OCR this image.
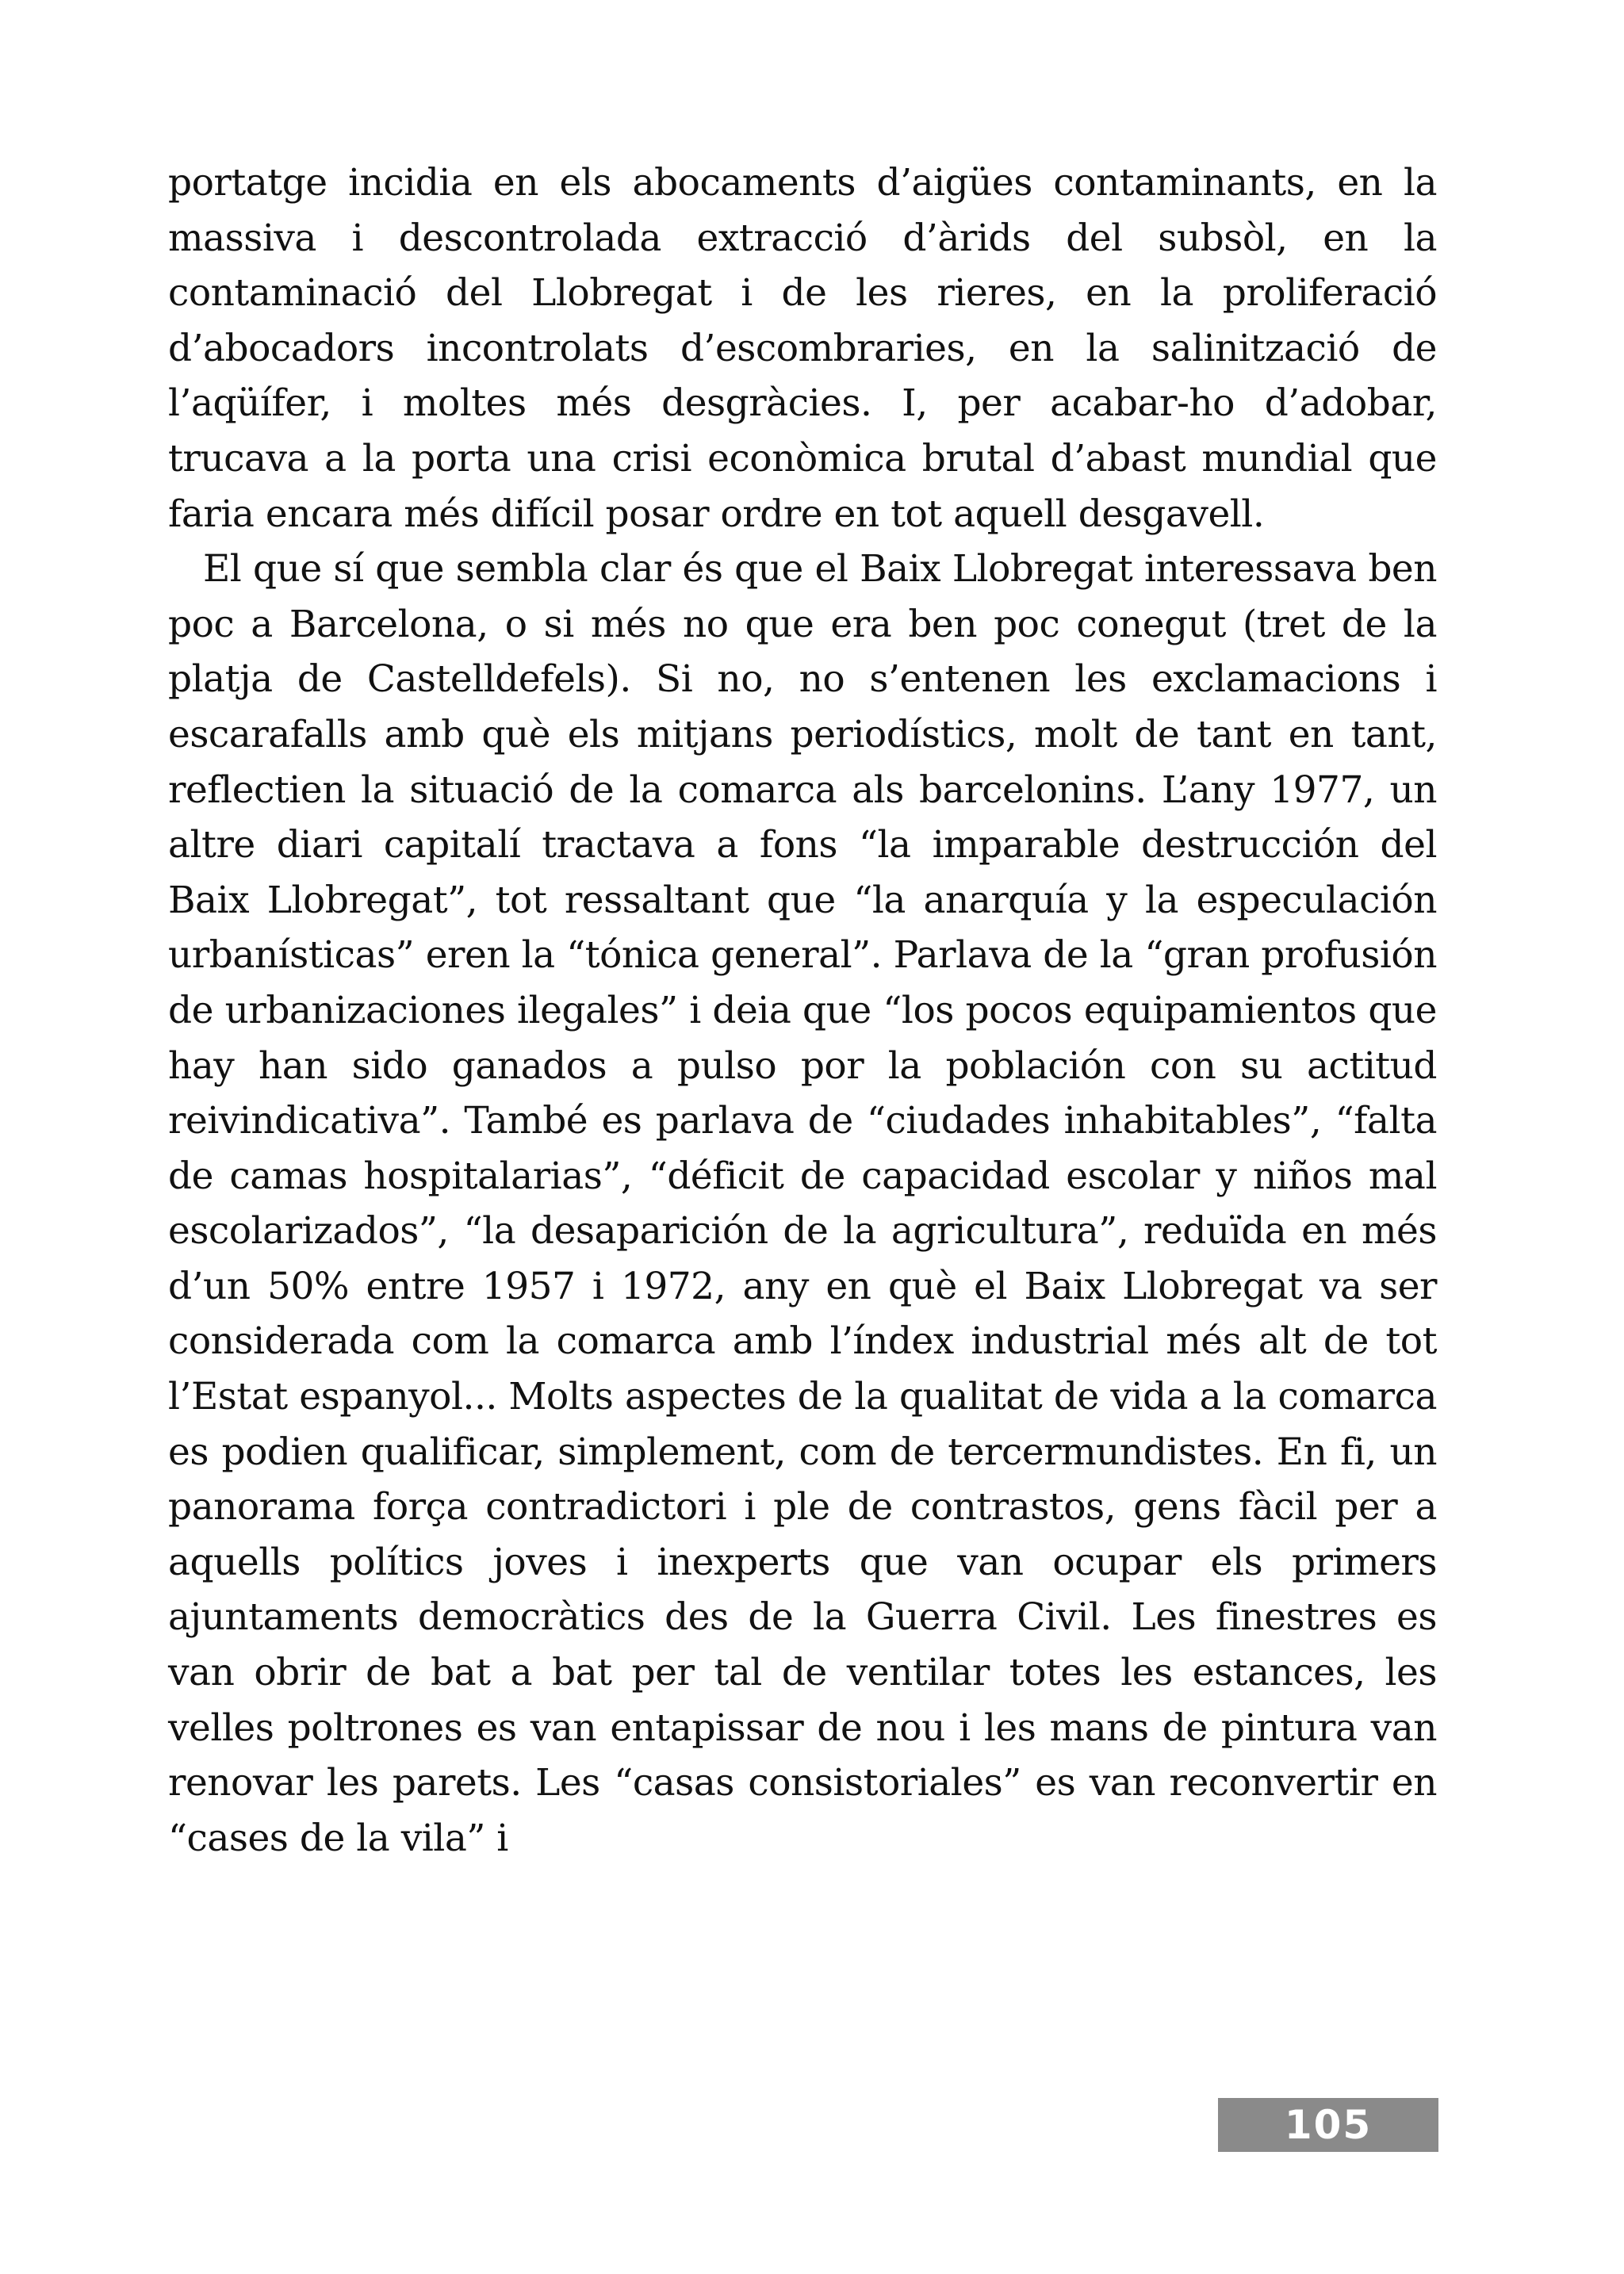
portatge incidia en els abocaments d’aigües contaminants, en la massiva i descontrolada extracció d’àrids del subsòl, en la contaminació del Llobregat i de les rieres, en la proliferació d’abocadors incontrolats d’escombraries, en la salinització de l’aqüífer, i moltes més desgràcies. I, per acabar-ho d’adobar, trucava a la porta una crisi econòmica brutal d’abast mundial que faria encara més difícil posar ordre en tot aquell desgavell.

El que sí que sembla clar és que el Baix Llobregat interessava ben poc a Barcelona, o si més no que era ben poc conegut (tret de la platja de Castelldefels). Si no, no s’entenen les exclamacions i escarafalls amb què els mitjans periodístics, molt de tant en tant, reflectien la situació de la comarca als barcelonins. L’any 1977, un altre diari capitalí tractava a fons “la imparable destrucción del Baix Llobregat”, tot ressaltant que “la anarquía y la especulación urbanísticas” eren la “tónica general”. Parlava de la “gran profusión de urbanizaciones ilegales” i deia que “los pocos equipamientos que hay han sido ganados a pulso por la población con su actitud reivindicativa”. També es parlava de “ciudades inhabitables”, “falta de camas hospitalarias”, “déficit de capacidad escolar y niños mal escolarizados”, “la desaparición de la agricultura”, reduïda en més d’un 50% entre 1957 i 1972, any en què el Baix Llobregat va ser considerada com la comarca amb l’índex industrial més alt de tot l’Estat espanyol... Molts aspectes de la qualitat de vida a la comarca es podien qualificar, simplement, com de tercermundistes. En fi, un panorama força contradictori i ple de contrastos, gens fàcil per a aquells polítics joves i inexperts que van ocupar els primers ajuntaments democràtics des de la Guerra Civil. Les finestres es van obrir de bat a bat per tal de ventilar totes les estances, les velles poltrones es van entapissar de nou i les mans de pintura van renovar les parets. Les “casas consistoriales” es van reconvertir en “cases de la vila” i

105
